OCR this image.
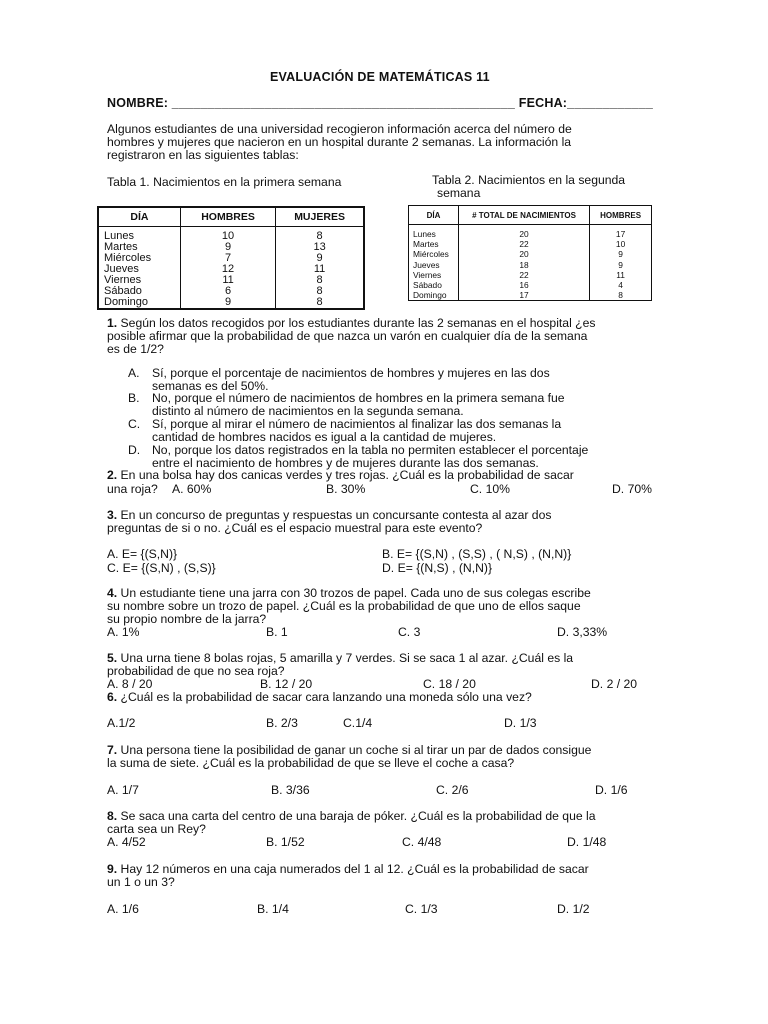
EVALUACIÓN DE MATEMÁTICAS 11
NOMBRE: ________________________________________________ FECHA:____________
Algunos estudiantes de una universidad recogieron información acerca del número de
hombres y mujeres que nacieron en un hospital durante 2 semanas. La información la
registraron en las siguientes tablas:
Tabla 1. Nacimientos en la primera semana	Tabla 2. Nacimientos en la segunda
semana
DÍA	HOMBRES	MUJERES
Lunes	10	8
Martes	9	13
Miércoles	7	9
Jueves	12	11
Viernes	11	8
Sábado	6	8
Domingo	9	8
DÍA	# TOTAL DE NACIMIENTOS	HOMBRES
Lunes	20	17
Martes	22	10
Miércoles	20	9
Jueves	18	9
Viernes	22	11
Sábado	16	4
Domingo	17	8
1. Según los datos recogidos por los estudiantes durante las 2 semanas en el hospital ¿es
posible afirmar que la probabilidad de que nazca un varón en cualquier día de la semana
es de 1/2?
A. Sí, porque el porcentaje de nacimientos de hombres y mujeres en las dos
semanas es del 50%.
B. No, porque el número de nacimientos de hombres en la primera semana fue
distinto al número de nacimientos en la segunda semana.
C. Sí, porque al mirar el número de nacimientos al finalizar las dos semanas la
cantidad de hombres nacidos es igual a la cantidad de mujeres.
D. No, porque los datos registrados en la tabla no permiten establecer el porcentaje
entre el nacimiento de hombres y de mujeres durante las dos semanas.
2. En una bolsa hay dos canicas verdes y tres rojas. ¿Cuál es la probabilidad de sacar
una roja? A. 60%	B. 30%	C. 10%	D. 70%
3. En un concurso de preguntas y respuestas un concursante contesta al azar dos
preguntas de si o no. ¿Cuál es el espacio muestral para este evento?
A. E= {(S,N)}	B. E= {(S,N) , (S,S) , ( N,S) , (N,N)}
C. E= {(S,N) , (S,S)}	D. E= {(N,S) , (N,N)}
4. Un estudiante tiene una jarra con 30 trozos de papel. Cada uno de sus colegas escribe
su nombre sobre un trozo de papel. ¿Cuál es la probabilidad de que uno de ellos saque
su propio nombre de la jarra?
A. 1%	B. 1	C. 3	D. 3,33%
5. Una urna tiene 8 bolas rojas, 5 amarilla y 7 verdes. Si se saca 1 al azar. ¿Cuál es la
probabilidad de que no sea roja?
A. 8 / 20	B. 12 / 20	C. 18 / 20	D. 2 / 20
6. ¿Cuál es la probabilidad de sacar cara lanzando una moneda sólo una vez?
A.1/2	B. 2/3	C.1/4	D. 1/3
7. Una persona tiene la posibilidad de ganar un coche si al tirar un par de dados consigue
la suma de siete. ¿Cuál es la probabilidad de que se lleve el coche a casa?
A. 1/7	B. 3/36	C. 2/6	D. 1/6
8. Se saca una carta del centro de una baraja de póker. ¿Cuál es la probabilidad de que la
carta sea un Rey?
A. 4/52	B. 1/52	C. 4/48	D. 1/48
9. Hay 12 números en una caja numerados del 1 al 12. ¿Cuál es la probabilidad de sacar
un 1 o un 3?
A. 1/6	B. 1/4	C. 1/3	D. 1/2
